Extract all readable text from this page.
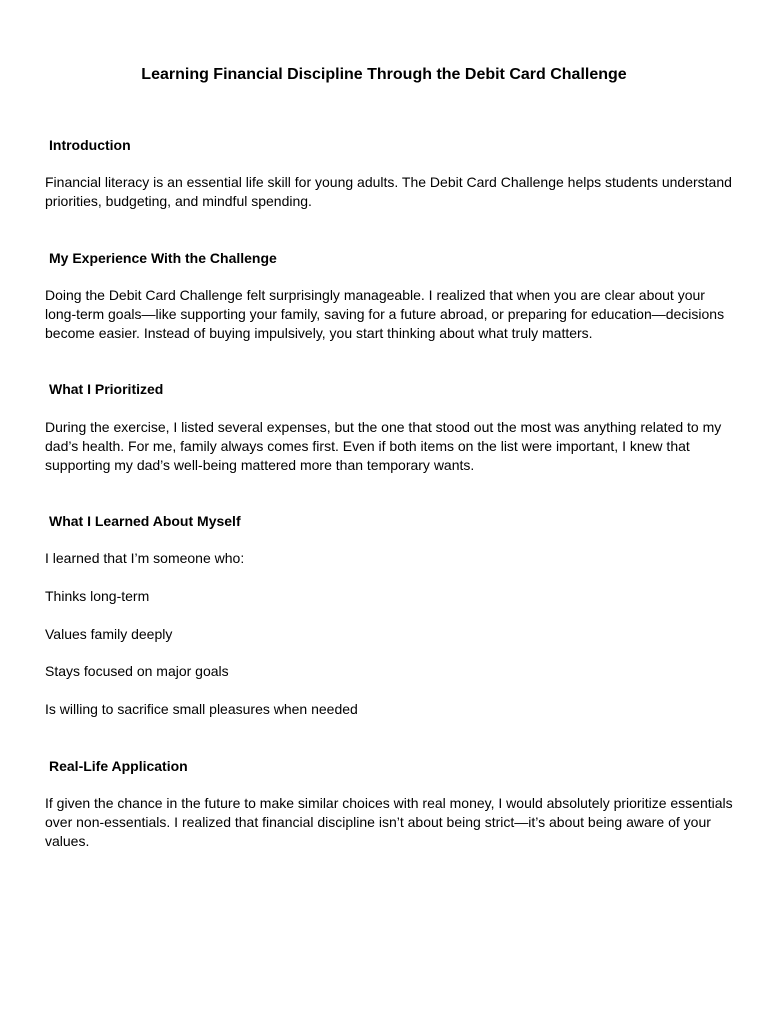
Learning Financial Discipline Through the Debit Card Challenge
Introduction

Financial literacy is an essential life skill for young adults. The Debit Card Challenge helps students understand priorities, budgeting, and mindful spending.

My Experience With the Challenge

Doing the Debit Card Challenge felt surprisingly manageable. I realized that when you are clear about your long-term goals—like supporting your family, saving for a future abroad, or preparing for education—decisions become easier. Instead of buying impulsively, you start thinking about what truly matters.

What I Prioritized

During the exercise, I listed several expenses, but the one that stood out the most was anything related to my dad’s health. For me, family always comes first. Even if both items on the list were important, I knew that supporting my dad’s well-being mattered more than temporary wants.

What I Learned About Myself

I learned that I’m someone who:

Thinks long-term

Values family deeply

Stays focused on major goals

Is willing to sacrifice small pleasures when needed

Real-Life Application

If given the chance in the future to make similar choices with real money, I would absolutely prioritize essentials over non-essentials. I realized that financial discipline isn’t about being strict—it’s about being aware of your values.
